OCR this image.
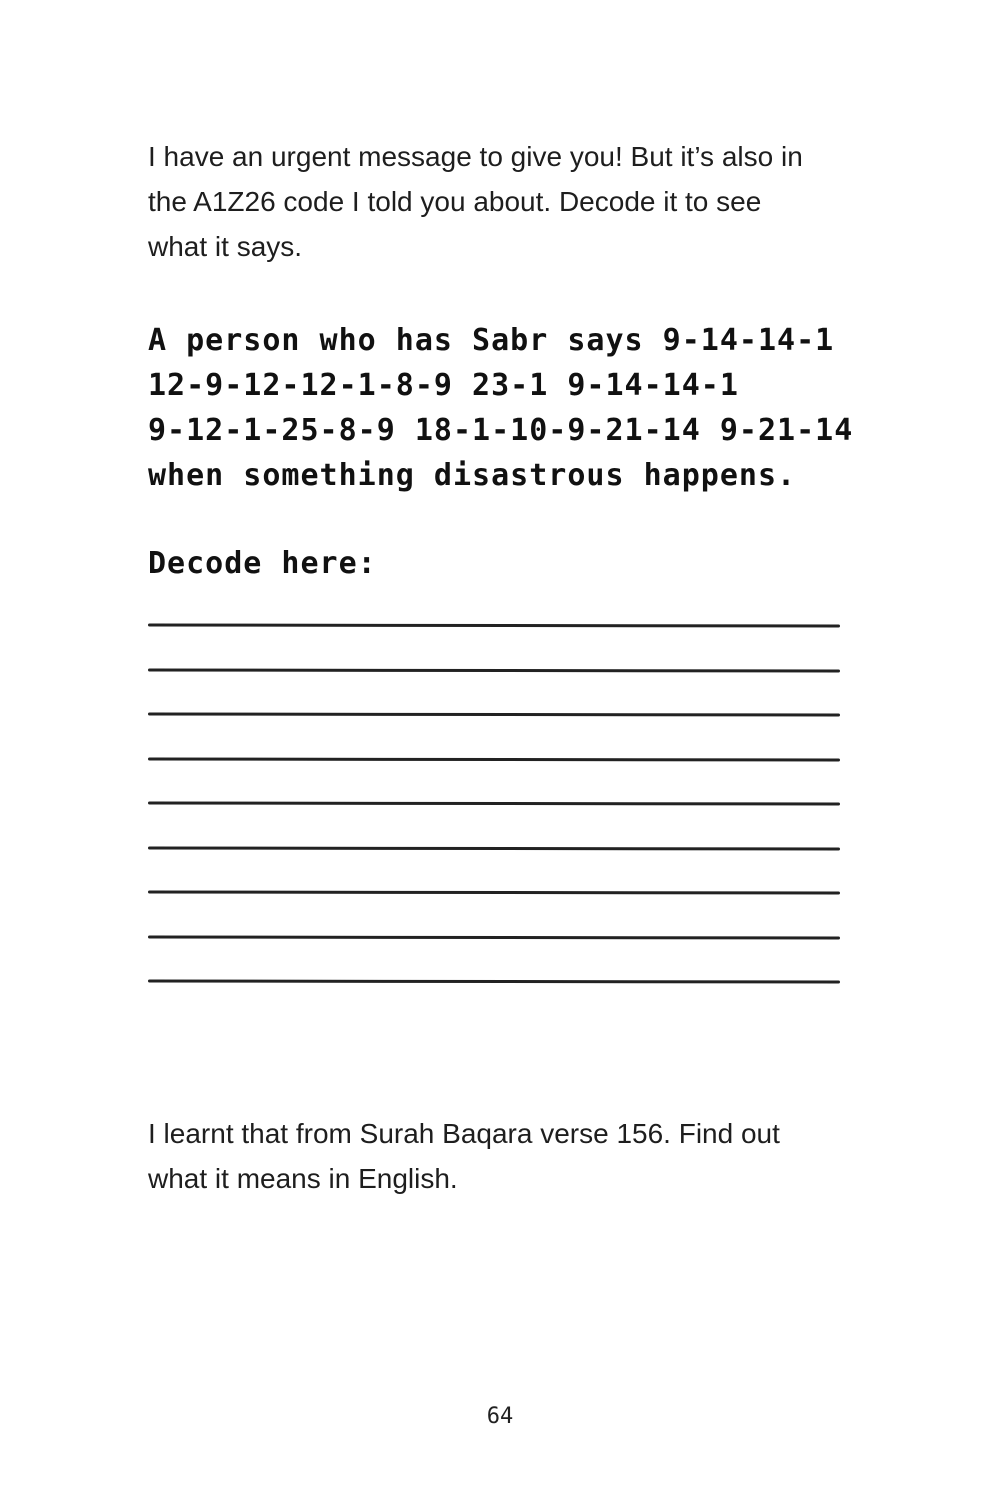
I have an urgent message to give you! But it’s also in
the A1Z26 code I told you about. Decode it to see
what it says.

A person who has Sabr says 9-14-14-1
12-9-12-12-1-8-9 23-1 9-14-14-1
9-12-1-25-8-9 18-1-10-9-21-14 9-21-14
when something disastrous happens.

Decode here:

I learnt that from Surah Baqara verse 156. Find out
what it means in English.

64
